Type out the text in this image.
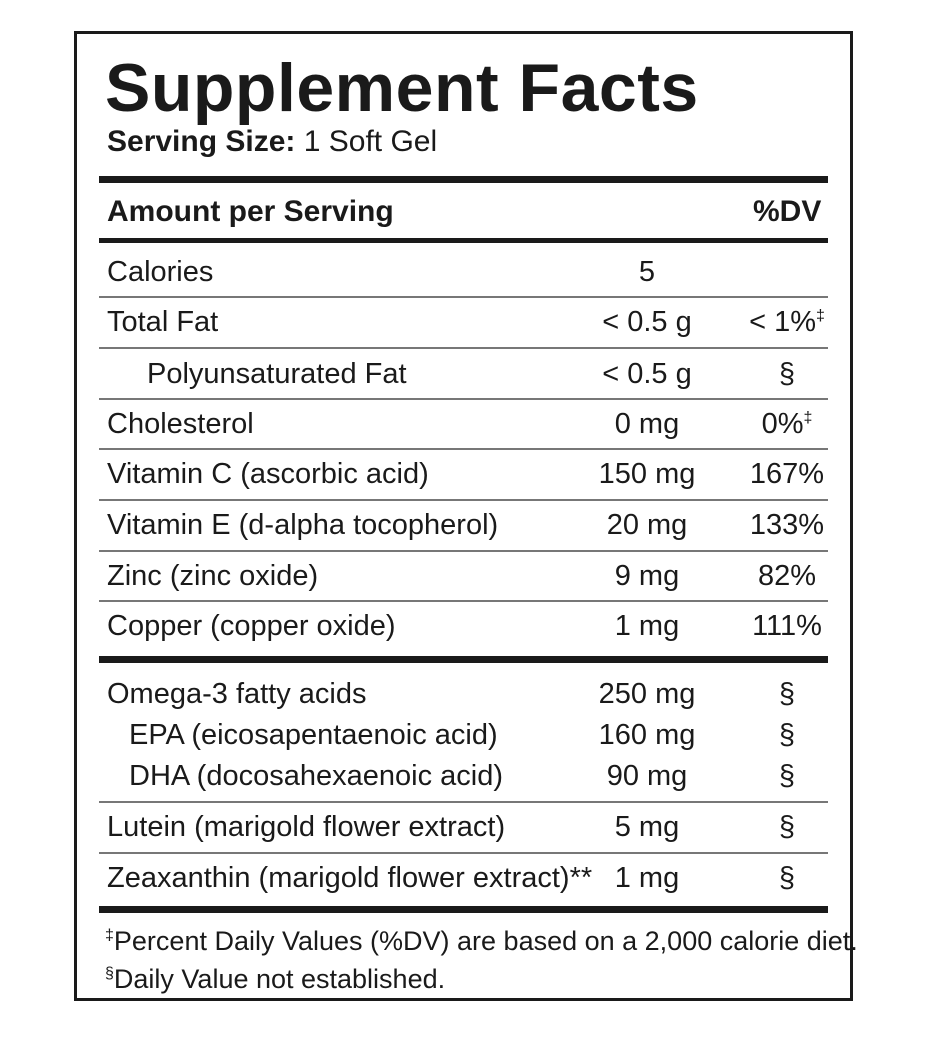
Supplement Facts
Serving Size: 1 Soft Gel
Amount per Serving	%DV
Calories	5
Total Fat	< 0.5 g	< 1%‡
Polyunsaturated Fat	< 0.5 g	§
Cholesterol	0 mg	0%‡
Vitamin C (ascorbic acid)	150 mg	167%
Vitamin E (d-alpha tocopherol)	20 mg	133%
Zinc (zinc oxide)	9 mg	82%
Copper (copper oxide)	1 mg	111%
Omega-3 fatty acids	250 mg	§
EPA (eicosapentaenoic acid)	160 mg	§
DHA (docosahexaenoic acid)	90 mg	§
Lutein (marigold flower extract)	5 mg	§
Zeaxanthin (marigold flower extract)** 1 mg	§
‡Percent Daily Values (%DV) are based on a 2,000 calorie diet.
§Daily Value not established.
